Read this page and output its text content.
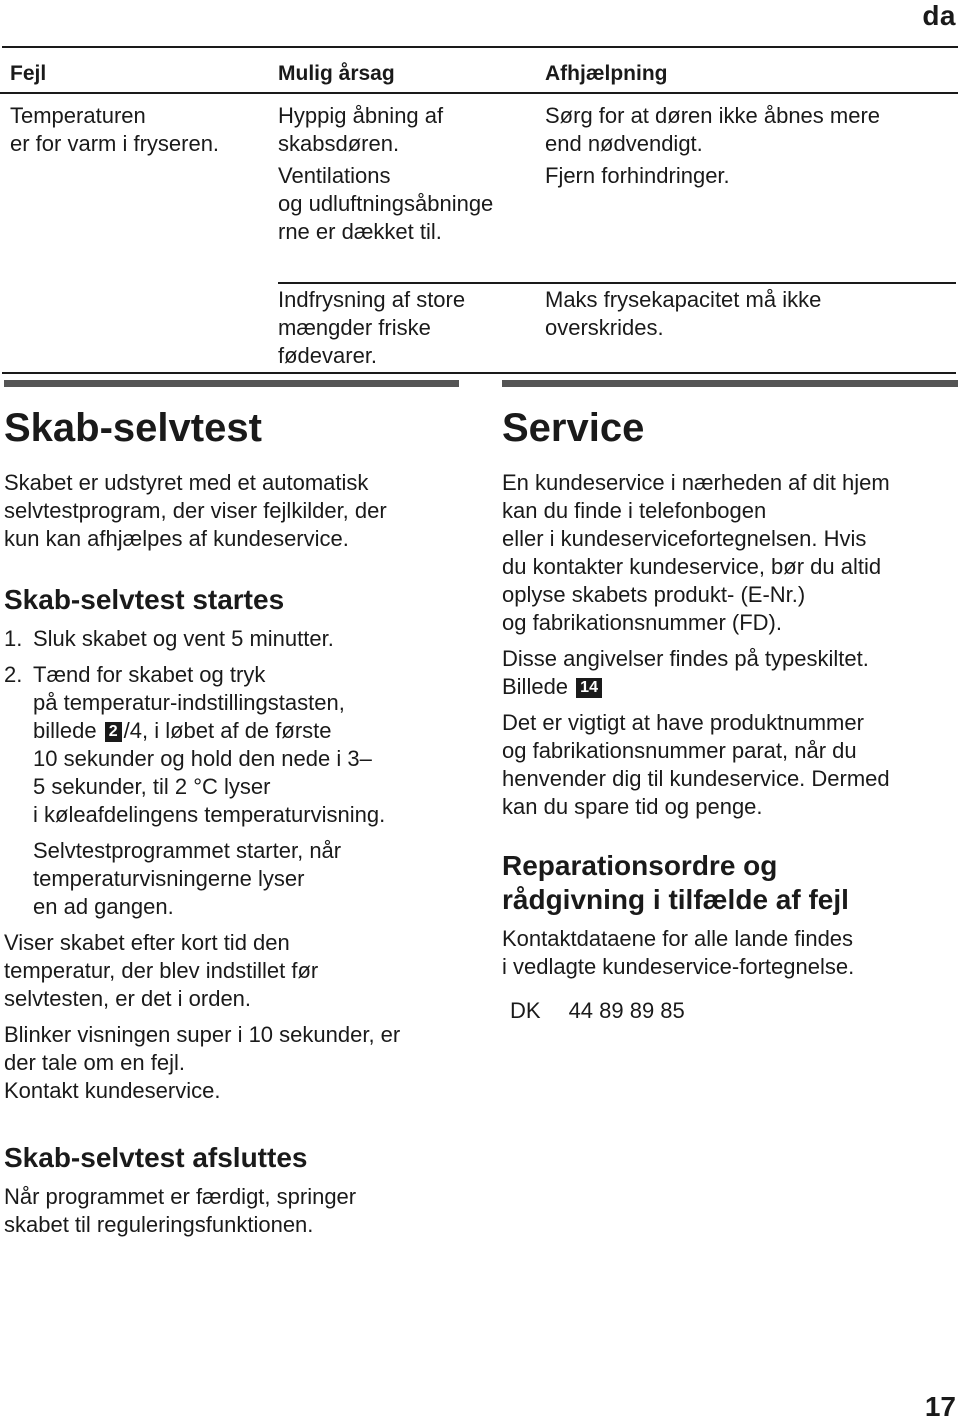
da
Fejl	Mulig årsag	Afhjælpning
Temperaturen
er for varm i fryseren.
Hyppig åbning af
skabsdøren.
Sørg for at døren ikke åbnes mere
end nødvendigt.
Ventilations
og udluftningsåbninge
rne er dækket til.
Fjern forhindringer.
Indfrysning af store
mængder friske
fødevarer.
Maks frysekapacitet må ikke
overskrides.
Skab-selvtest

Skabet er udstyret med et automatisk
selvtestprogram, der viser fejlkilder, der
kun kan afhjælpes af kundeservice.

Skab-selvtest startes
1. Sluk skabet og vent 5 minutter.
2. Tænd for skabet og tryk
på temperatur-indstillingstasten,
billede 2 /4, i løbet af de første
10 sekunder og hold den nede i 3–
5 sekunder, til 2 °C lyser
i køleafdelingens temperaturvisning.
Selvtestprogrammet starter, når
temperaturvisningerne lyser
en ad gangen.

Viser skabet efter kort tid den
temperatur, der blev indstillet før
selvtesten, er det i orden.

Blinker visningen super i 10 sekunder, er
der tale om en fejl.
Kontakt kundeservice.

Skab-selvtest afsluttes

Når programmet er færdigt, springer
skabet til reguleringsfunktionen.

Service

En kundeservice i nærheden af dit hjem
kan du finde i telefonbogen
eller i kundeservicefortegnelsen. Hvis
du kontakter kundeservice, bør du altid
oplyse skabets produkt- (E-Nr.)
og fabrikationsnummer (FD).

Disse angivelser findes på typeskiltet.
Billede 14

Det er vigtigt at have produktnummer
og fabrikationsnummer parat, når du
henvender dig til kundeservice. Dermed
kan du spare tid og penge.

Reparationsordre og
rådgivning i tilfælde af fejl

Kontaktdataene for alle lande findes
i vedlagte kundeservice-fortegnelse.

DK 44 89 89 85
17
